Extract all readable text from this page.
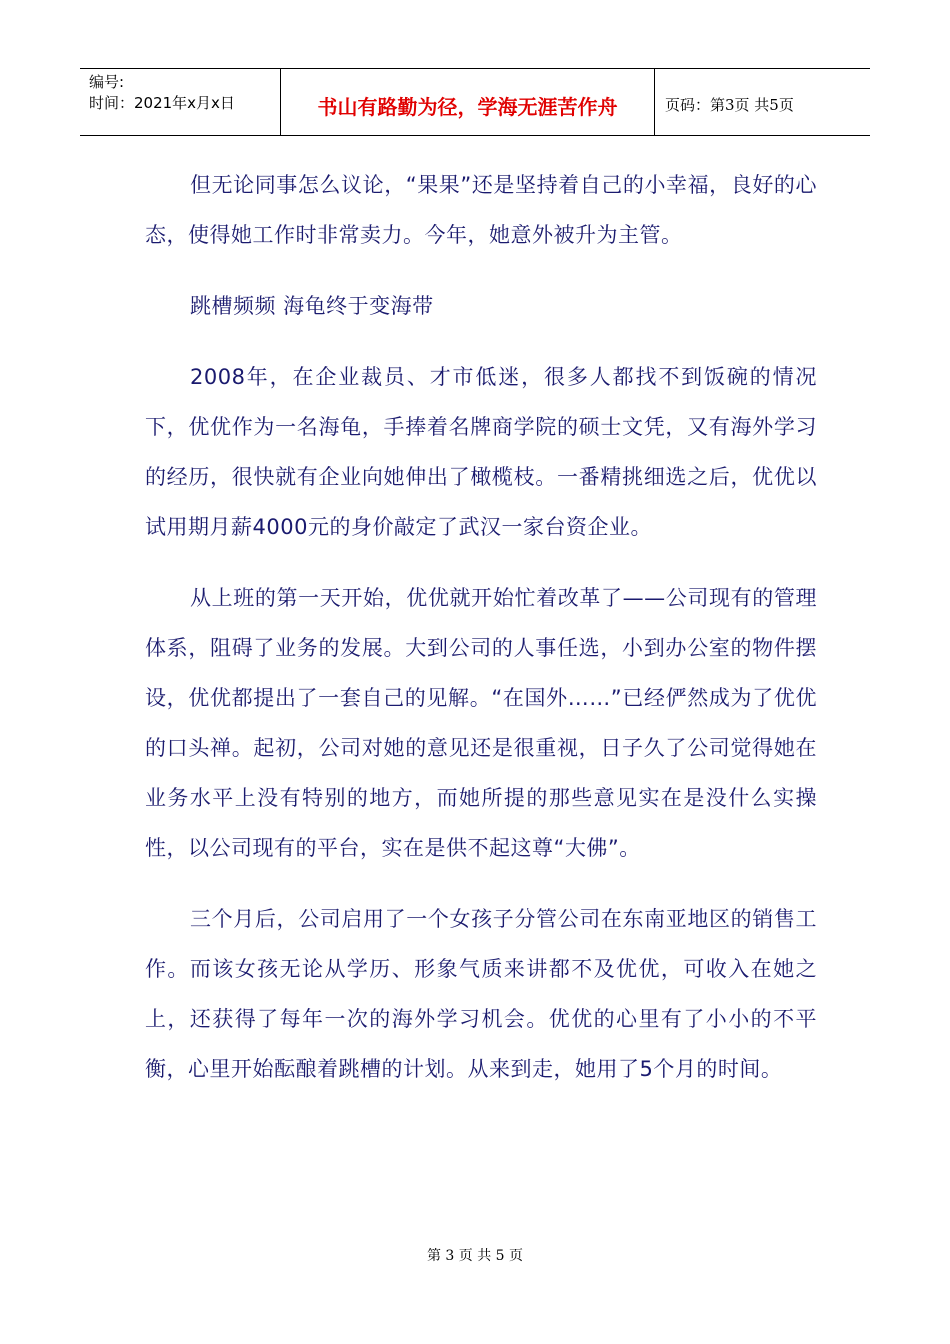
编号:
时间：2021年x月x日	书山有路勤为径，学海无涯苦作舟	页码：第3页 共5页

但无论同事怎么议论，“果果”还是坚持着自己的小幸福，良好的心态，使得她工作时非常卖力。今年，她意外被升为主管。

跳槽频频 海龟终于变海带

2008年，在企业裁员、才市低迷，很多人都找不到饭碗的情况下，优优作为一名海龟，手捧着名牌商学院的硕士文凭，又有海外学习的经历，很快就有企业向她伸出了橄榄枝。一番精挑细选之后，优优以试用期月薪4000元的身价敲定了武汉一家台资企业。

从上班的第一天开始，优优就开始忙着改革了——公司现有的管理体系，阻碍了业务的发展。大到公司的人事任选，小到办公室的物件摆设，优优都提出了一套自己的见解。“在国外……”已经俨然成为了优优的口头禅。起初，公司对她的意见还是很重视，日子久了公司觉得她在业务水平上没有特别的地方，而她所提的那些意见实在是没什么实操性，以公司现有的平台，实在是供不起这尊“大佛”。

三个月后，公司启用了一个女孩子分管公司在东南亚地区的销售工作。而该女孩无论从学历、形象气质来讲都不及优优，可收入在她之上，还获得了每年一次的海外学习机会。优优的心里有了小小的不平衡，心里开始酝酿着跳槽的计划。从来到走，她用了5个月的时间。

第 3 页 共 5 页
